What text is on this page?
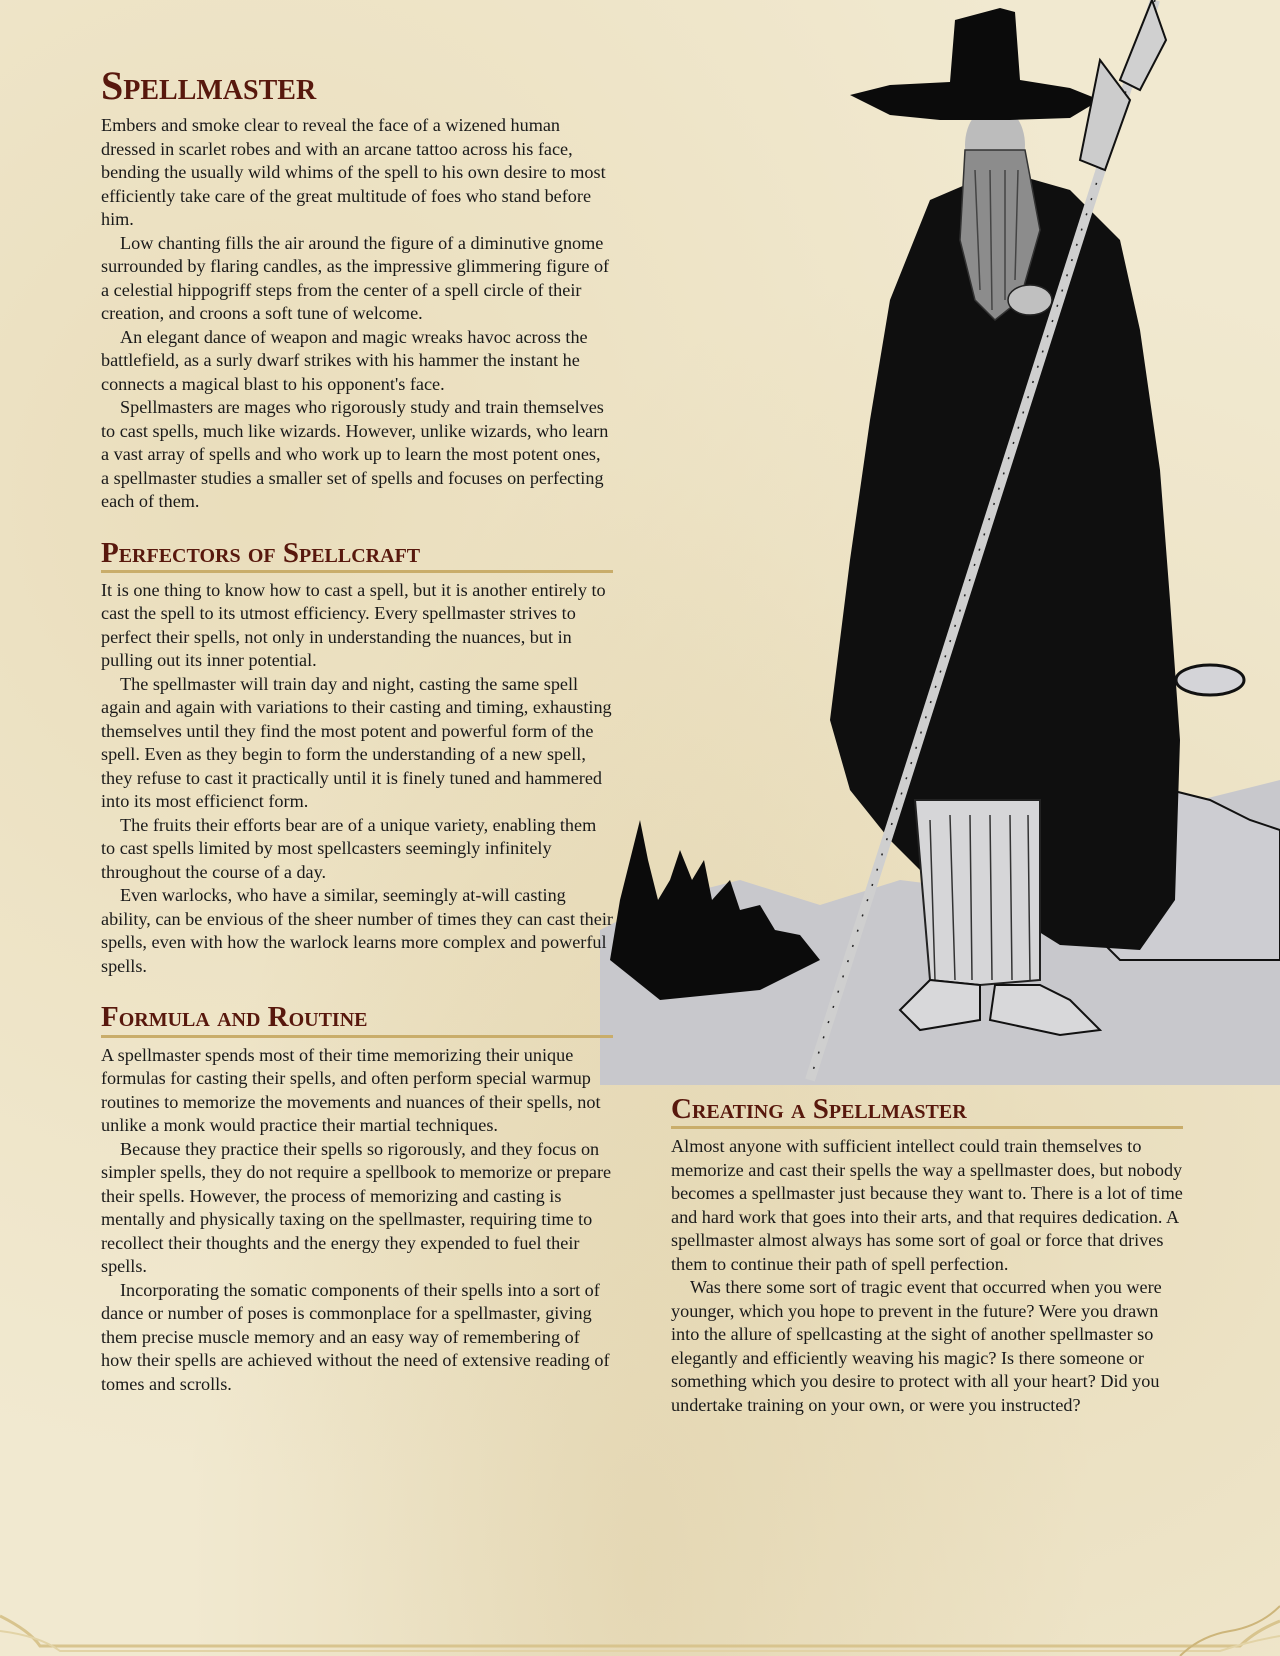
Spellmaster

Embers and smoke clear to reveal the face of a wizened human dressed in scarlet robes and with an arcane tattoo across his face, bending the usually wild whims of the spell to his own desire to most efficiently take care of the great multitude of foes who stand before him.

Low chanting fills the air around the figure of a diminutive gnome surrounded by flaring candles, as the impressive glimmering figure of a celestial hippogriff steps from the center of a spell circle of their creation, and croons a soft tune of welcome.

An elegant dance of weapon and magic wreaks havoc across the battlefield, as a surly dwarf strikes with his hammer the instant he connects a magical blast to his opponent's face.

Spellmasters are mages who rigorously study and train themselves to cast spells, much like wizards. However, unlike wizards, who learn a vast array of spells and who work up to learn the most potent ones, a spellmaster studies a smaller set of spells and focuses on perfecting each of them.

Perfectors of Spellcraft

It is one thing to know how to cast a spell, but it is another entirely to cast the spell to its utmost efficiency. Every spellmaster strives to perfect their spells, not only in understanding the nuances, but in pulling out its inner potential.

The spellmaster will train day and night, casting the same spell again and again with variations to their casting and timing, exhausting themselves until they find the most potent and powerful form of the spell. Even as they begin to form the understanding of a new spell, they refuse to cast it practically until it is finely tuned and hammered into its most efficienct form.

The fruits their efforts bear are of a unique variety, enabling them to cast spells limited by most spellcasters seemingly infinitely throughout the course of a day.

Even warlocks, who have a similar, seemingly at-will casting ability, can be envious of the sheer number of times they can cast their spells, even with how the warlock learns more complex and powerful spells.

Formula and Routine

A spellmaster spends most of their time memorizing their unique formulas for casting their spells, and often perform special warmup routines to memorize the movements and nuances of their spells, not unlike a monk would practice their martial techniques.

Because they practice their spells so rigorously, and they focus on simpler spells, they do not require a spellbook to memorize or prepare their spells. However, the process of memorizing and casting is mentally and physically taxing on the spellmaster, requiring time to recollect their thoughts and the energy they expended to fuel their spells.

Incorporating the somatic components of their spells into a sort of dance or number of poses is commonplace for a spellmaster, giving them precise muscle memory and an easy way of remembering of how their spells are achieved without the need of extensive reading of tomes and scrolls.

Creating a Spellmaster

Almost anyone with sufficient intellect could train themselves to memorize and cast their spells the way a spellmaster does, but nobody becomes a spellmaster just because they want to. There is a lot of time and hard work that goes into their arts, and that requires dedication. A spellmaster almost always has some sort of goal or force that drives them to continue their path of spell perfection.

Was there some sort of tragic event that occurred when you were younger, which you hope to prevent in the future? Were you drawn into the allure of spellcasting at the sight of another spellmaster so elegantly and efficiently weaving his magic? Is there someone or something which you desire to protect with all your heart? Did you undertake training on your own, or were you instructed?
